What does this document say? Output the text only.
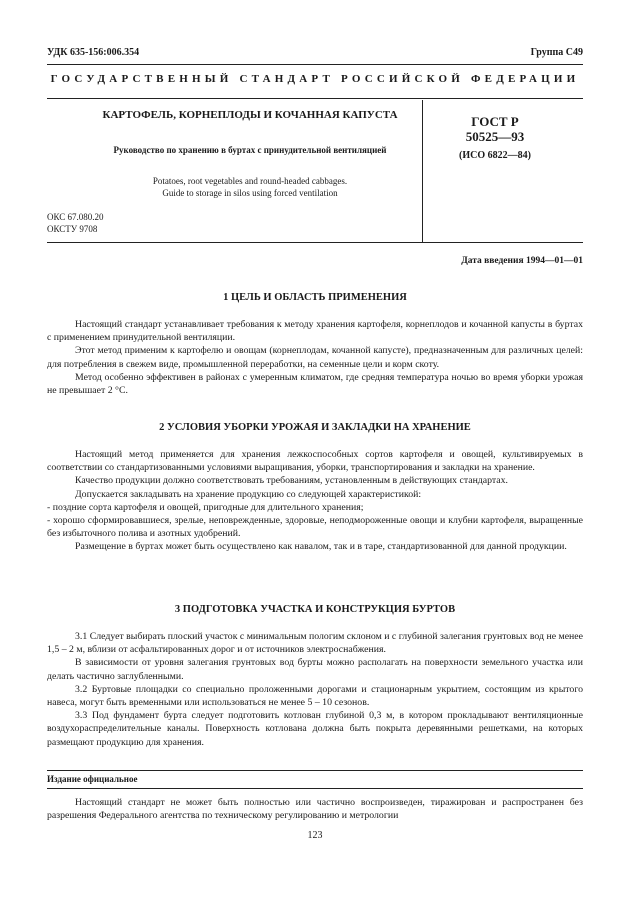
УДК 635-156:006.354	Группа С49
ГОСУДАРСТВЕННЫЙ СТАНДАРТ РОССИЙСКОЙ ФЕДЕРАЦИИ
КАРТОФЕЛЬ, КОРНЕПЛОДЫ И КОЧАННАЯ КАПУСТА
Руководство по хранению в буртах с принудительной вентиляцией
Potatoes, root vegetables and round-headed cabbages.
Guide to storage in silos using forced ventilation
ГОСТ Р
50525—93
(ИСО 6822—84)
ОКС 67.080.20
ОКСТУ 9708
Дата введения 1994—01—01
1 ЦЕЛЬ И ОБЛАСТЬ ПРИМЕНЕНИЯ

Настоящий стандарт устанавливает требования к методу хранения картофеля, корнеплодов и кочанной капусты в буртах с применением принудительной вентиляции.

Этот метод применим к картофелю и овощам (корнеплодам, кочанной капусте), предназначенным для различных целей: для потребления в свежем виде, промышленной переработки, на семенные цели и корм скоту.

Метод особенно эффективен в районах с умеренным климатом, где средняя температура ночью во время уборки урожая не превышает 2 °С.

2 УСЛОВИЯ УБОРКИ УРОЖАЯ И ЗАКЛАДКИ НА ХРАНЕНИЕ

Настоящий метод применяется для хранения лежкоспособных сортов картофеля и овощей, культивируемых в соответствии со стандартизованными условиями выращивания, уборки, транспортирования и закладки на хранение.

Качество продукции должно соответствовать требованиям, установленным в действующих стандартах.

Допускается закладывать на хранение продукцию со следующей характеристикой:

- поздние сорта картофеля и овощей, пригодные для длительного хранения;

- хорошо сформировавшиеся, зрелые, неповрежденные, здоровые, неподмороженные овощи и клубни картофеля, выращенные без избыточного полива и азотных удобрений.

Размещение в буртах может быть осуществлено как навалом, так и в таре, стандартизованной для данной продукции.

3 ПОДГОТОВКА УЧАСТКА И КОНСТРУКЦИЯ БУРТОВ

3.1 Следует выбирать плоский участок с минимальным пологим склоном и с глубиной залегания грунтовых вод не менее 1,5 – 2 м, вблизи от асфальтированных дорог и от источников электроснабжения.

В зависимости от уровня залегания грунтовых вод бурты можно располагать на поверхности земельного участка или делать частично заглубленными.

3.2 Буртовые площадки со специально проложенными дорогами и стационарным укрытием, состоящим из крытого навеса, могут быть временными или использоваться не менее 5 – 10 сезонов.

3.3 Под фундамент бурта следует подготовить котлован глубиной 0,3 м, в котором прокладывают вентиляционные воздухораспределительные каналы. Поверхность котлована должна быть покрыта деревянными решетками, на которых размещают продукцию для хранения.

Издание официальное

Настоящий стандарт не может быть полностью или частично воспроизведен, тиражирован и распространен без разрешения Федерального агентства по техническому регулированию и метрологии

123
